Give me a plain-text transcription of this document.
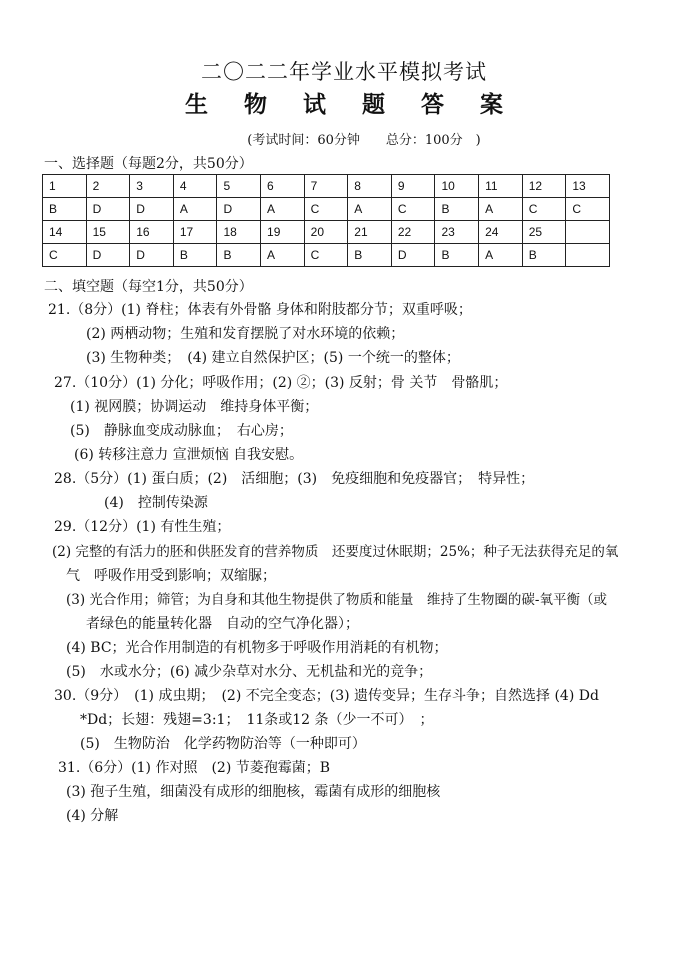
二〇二二年学业水平模拟考试
生 物 试 题 答 案
(考试时间：60分钟　　总分：100分　)
一、选择题（每题2分，共50分）
1	2	3	4	5	6	7	8	9	10	11	12	13
B	D	D	A	D	A	C	A	C	B	A	C	C
14	15	16	17	18	19	20	21	22	23	24	25	
C	D	D	B	B	A	C	B	D	B	A	B	
二、填空题（每空1分，共50分）
21.（8分）(1) 脊柱；体表有外骨骼 身体和附肢都分节；双重呼吸；
(2) 两栖动物；生殖和发育摆脱了对水环境的依赖；
(3) 生物种类；　(4) 建立自然保护区；(5) 一个统一的整体；
27.（10分）(1) 分化；呼吸作用；(2) ②；(3) 反射；骨 关节　骨骼肌；
(1) 视网膜；协调运动　维持身体平衡；
(5)　静脉血变成动脉血；　右心房；
(6) 转移注意力 宣泄烦恼 自我安慰。
28.（5分）(1) 蛋白质；(2)　活细胞；(3)　免疫细胞和免疫器官；　特异性；
(4)　控制传染源
29.（12分）(1) 有性生殖；
(2) 完整的有活力的胚和供胚发育的营养物质　还要度过休眠期；25%；种子无法获得充足的氧
气　呼吸作用受到影响；双缩脲；
(3) 光合作用；筛管；为自身和其他生物提供了物质和能量　维持了生物圈的碳-氧平衡（或
者绿色的能量转化器　自动的空气净化器）；
(4) BC；光合作用制造的有机物多于呼吸作用消耗的有机物；
(5)　水或水分；(6) 减少杂草对水分、无机盐和光的竞争；
30.（9分）　(1) 成虫期；　(2) 不完全变态；(3) 遗传变异；生存斗争；自然选择 (4) Dd
*Dd；长翅：残翅=3:1；　11条或12 条（少一不可）　；
(5)　生物防治　化学药物防治等（一种即可）
31.（6分）(1) 作对照　(2) 节菱孢霉菌；B
(3) 孢子生殖，细菌没有成形的细胞核，霉菌有成形的细胞核
(4) 分解
